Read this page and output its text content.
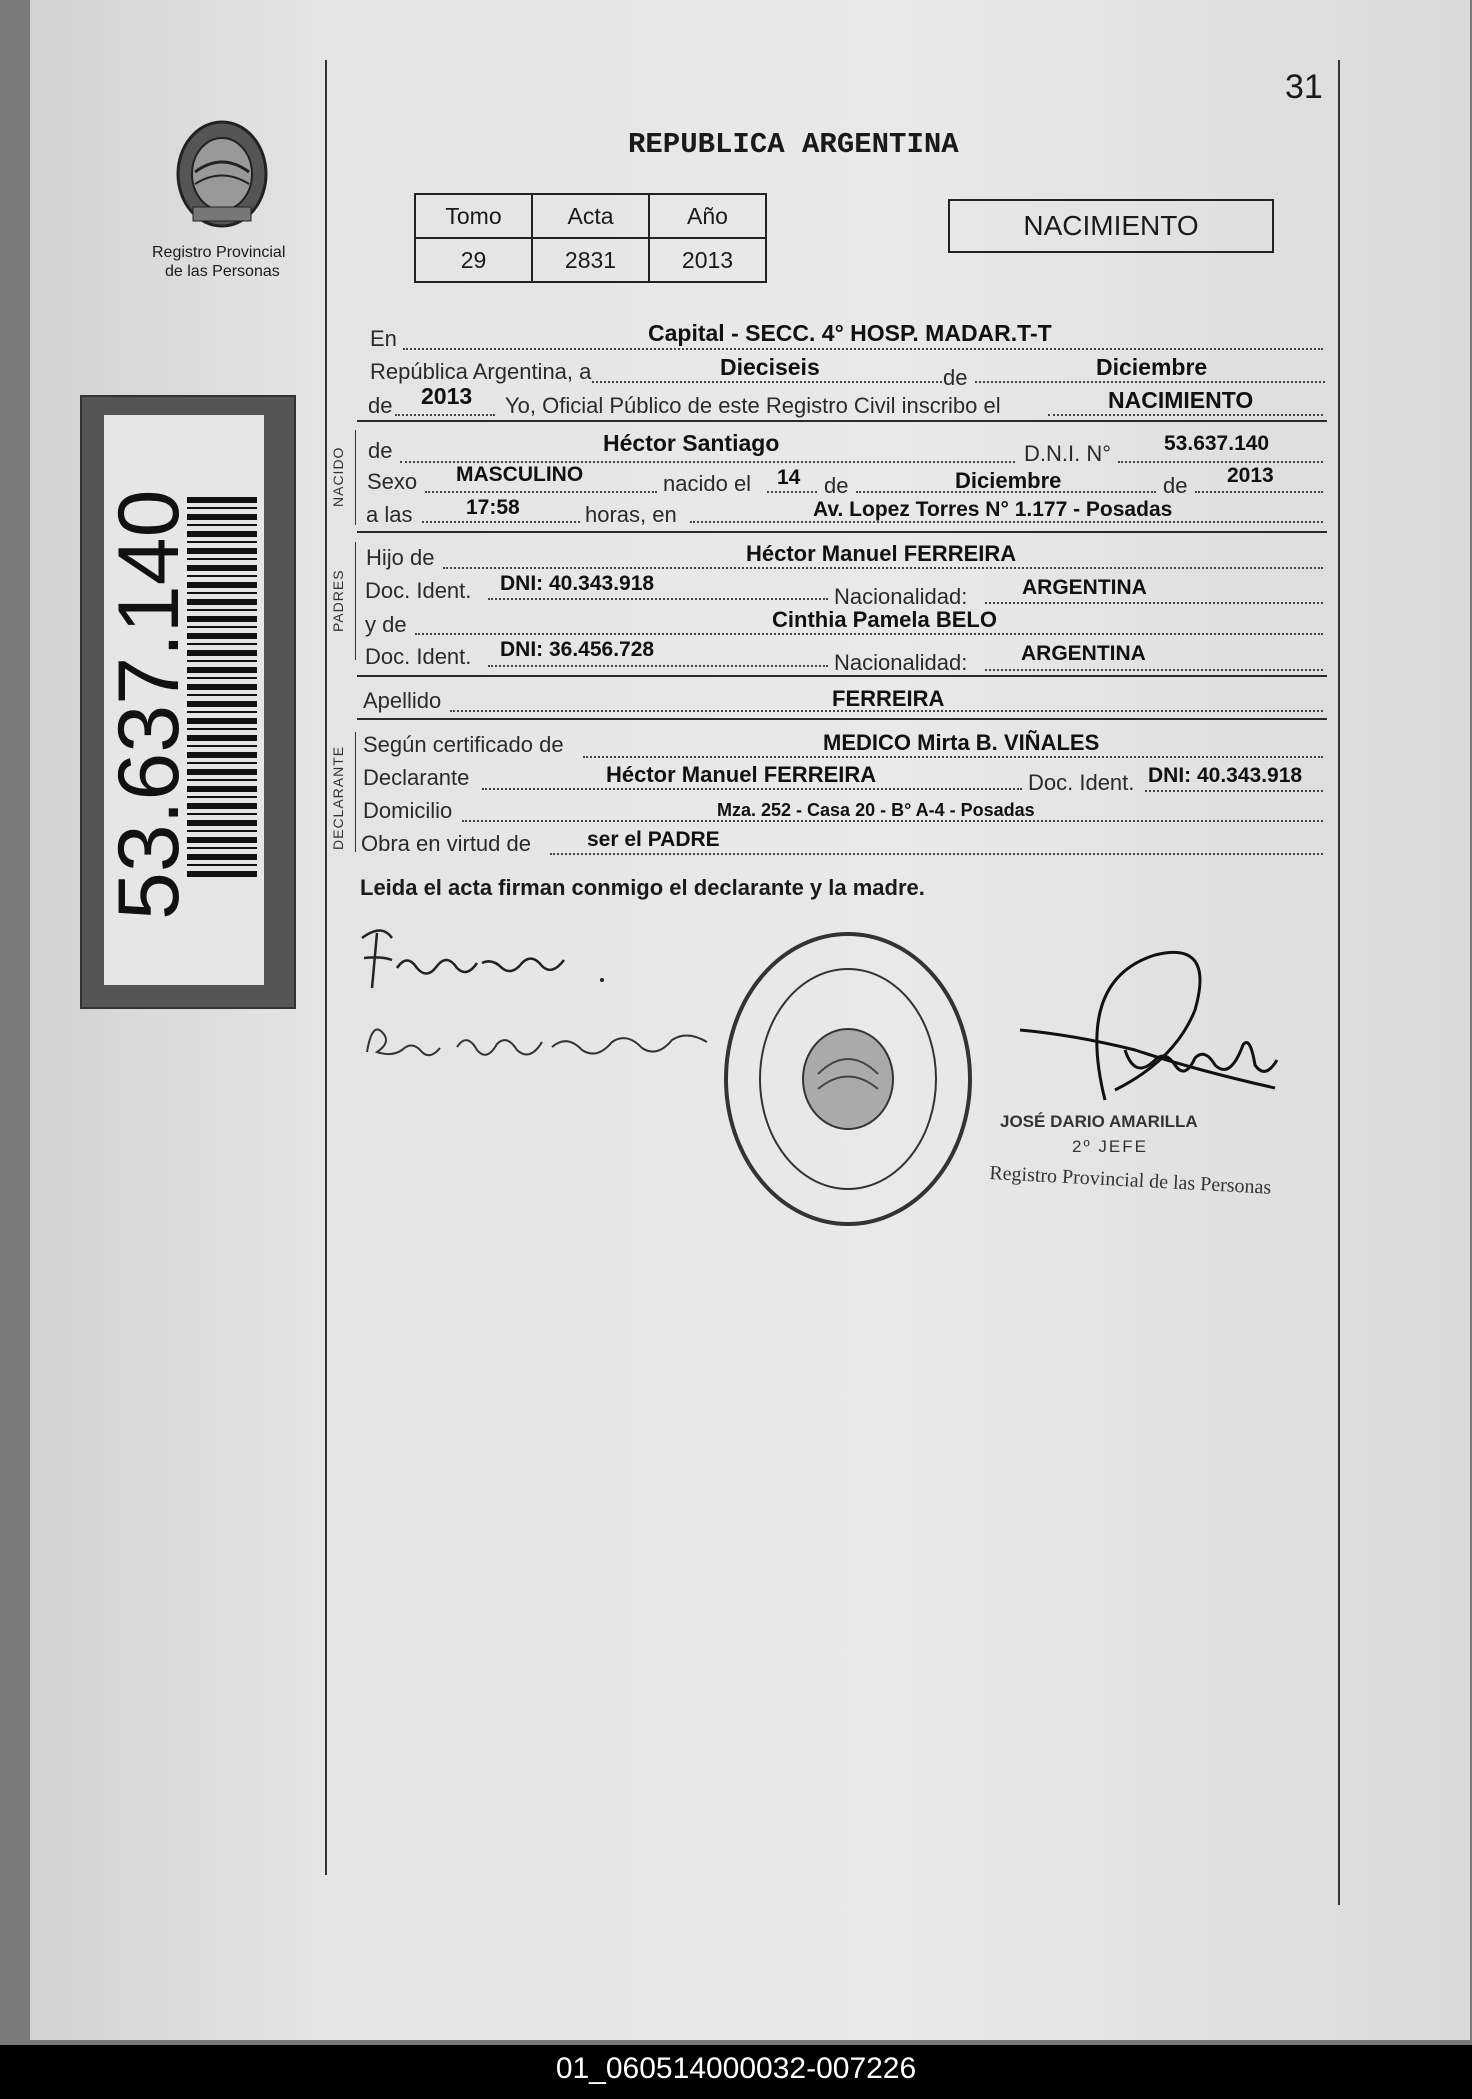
31
Registro Provincial
de las Personas
53.637.140
REPUBLICA ARGENTINA
Tomo	Acta	Año
29	2831	2013
NACIMIENTO
En	Capital - SECC. 4° HOSP. MADAR.T-T
República Argentina, a	Dieciseis	de	Diciembre
de 2013 Yo, Oficial Público de este Registro Civil inscribo el	NACIMIENTO
NACIDO de	Héctor Santiago	D.N.I. N°	53.637.140
Sexo MASCULINO	nacido el 14 de	Diciembre	de 2013
a las	17:58	horas, en	Av. Lopez Torres N° 1.177 - Posadas
PADRES
Hijo de	Héctor Manuel FERREIRA
Doc. Ident. DNI: 40.343.918
Nacionalidad:	ARGENTINA
y de	Cinthia Pamela BELO
Doc. Ident. DNI: 36.456.728
Nacionalidad:	ARGENTINA
Apellido	FERREIRA
DECLARANTE
Según certificado de	MEDICO Mirta B. VIÑALES
Declarante	Héctor Manuel FERREIRA	Doc. Ident. DNI: 40.343.918
Domicilio	Mza. 252 - Casa 20 - B° A-4 - Posadas
Obra en virtud de	ser el PADRE
Leida el acta firman conmigo el declarante y la madre.
JOSÉ DARIO AMARILLA
2º JEFE
Registro Provincial de las Personas
01_060514000032-007226
